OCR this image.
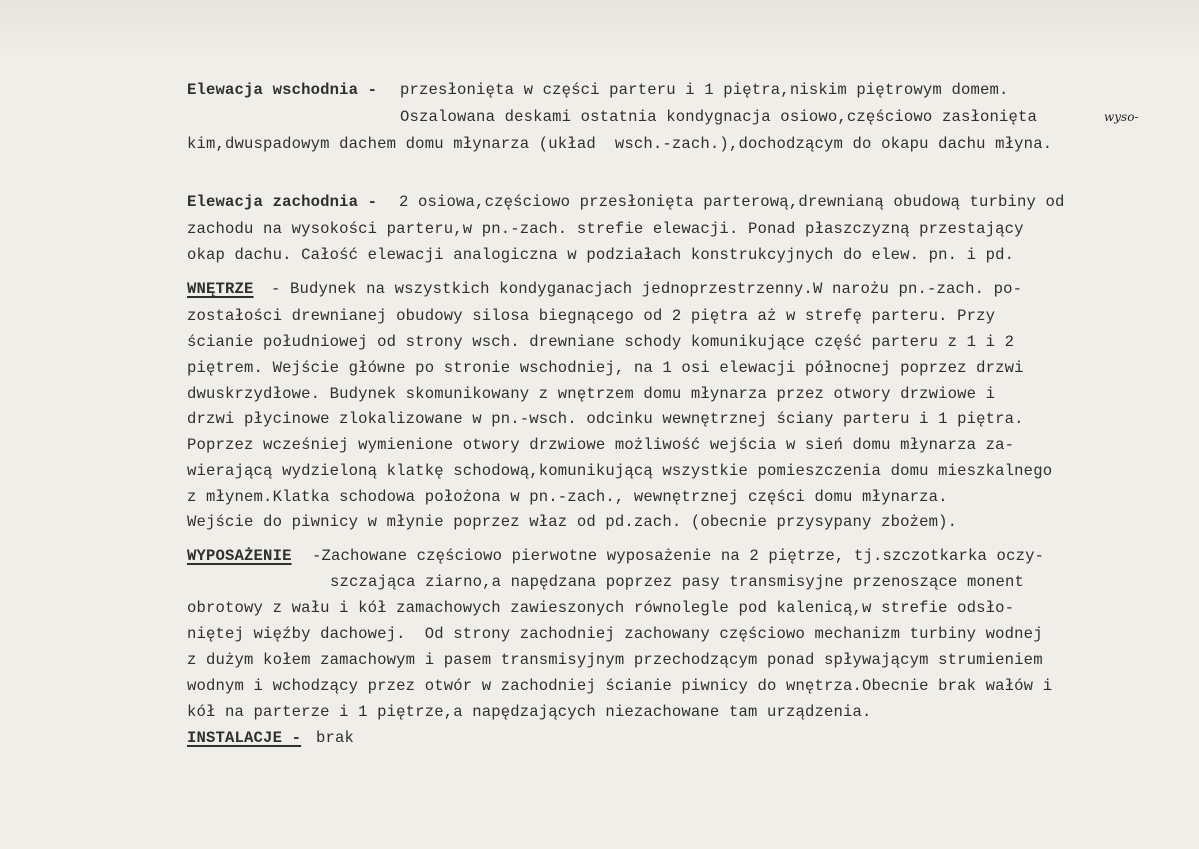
Elewacja wschodnia - przesłonięta w części parteru i 1 piętra,niskim piętrowym domem.
Oszalowana deskami ostatnia kondygnacja osiowo,częściowo zasłonięta	wyso-
kim,dwuspadowym dachem domu młynarza (układ  wsch.-zach.),dochodzącym do okapu dachu młyna.
Elewacja zachodnia - 2 osiowa,częściowo przesłonięta parterową,drewnianą obudową turbiny od
zachodu na wysokości parteru,w pn.-zach. strefie elewacji. Ponad płaszczyzną przestający
okap dachu. Całość elewacji analogiczna w podziałach konstrukcyjnych do elew. pn. i pd.
WNĘTRZE - Budynek na wszystkich kondyganacjach jednoprzestrzenny.W narożu pn.-zach. po-
zostałości drewnianej obudowy silosa biegnącego od 2 piętra aż w strefę parteru. Przy
ścianie południowej od strony wsch. drewniane schody komunikujące część parteru z 1 i 2
piętrem. Wejście główne po stronie wschodniej, na 1 osi elewacji północnej poprzez drzwi
dwuskrzydłowe. Budynek skomunikowany z wnętrzem domu młynarza przez otwory drzwiowe i
drzwi płycinowe zlokalizowane w pn.-wsch. odcinku wewnętrznej ściany parteru i 1 piętra.
Poprzez wcześniej wymienione otwory drzwiowe możliwość wejścia w sień domu młynarza za-
wierającą wydzieloną klatkę schodową,komunikującą wszystkie pomieszczenia domu mieszkalnego
z młynem.Klatka schodowa położona w pn.-zach., wewnętrznej części domu młynarza.
Wejście do piwnicy w młynie poprzez właz od pd.zach. (obecnie przysypany zbożem).
WYPOSAŻENIE -Zachowane częściowo pierwotne wyposażenie na 2 piętrze, tj.szczotkarka oczy-
szczająca ziarno,a napędzana poprzez pasy transmisyjne przenoszące monent
obrotowy z wału i kół zamachowych zawieszonych równolegle pod kalenicą,w strefie odsło-
niętej więźby dachowej.  Od strony zachodniej zachowany częściowo mechanizm turbiny wodnej
z dużym kołem zamachowym i pasem transmisyjnym przechodzącym ponad spływającym strumieniem
wodnym i wchodzący przez otwór w zachodniej ścianie piwnicy do wnętrza.Obecnie brak wałów i
kół na parterze i 1 piętrze,a napędzających niezachowane tam urządzenia.
INSTALACJE - brak
